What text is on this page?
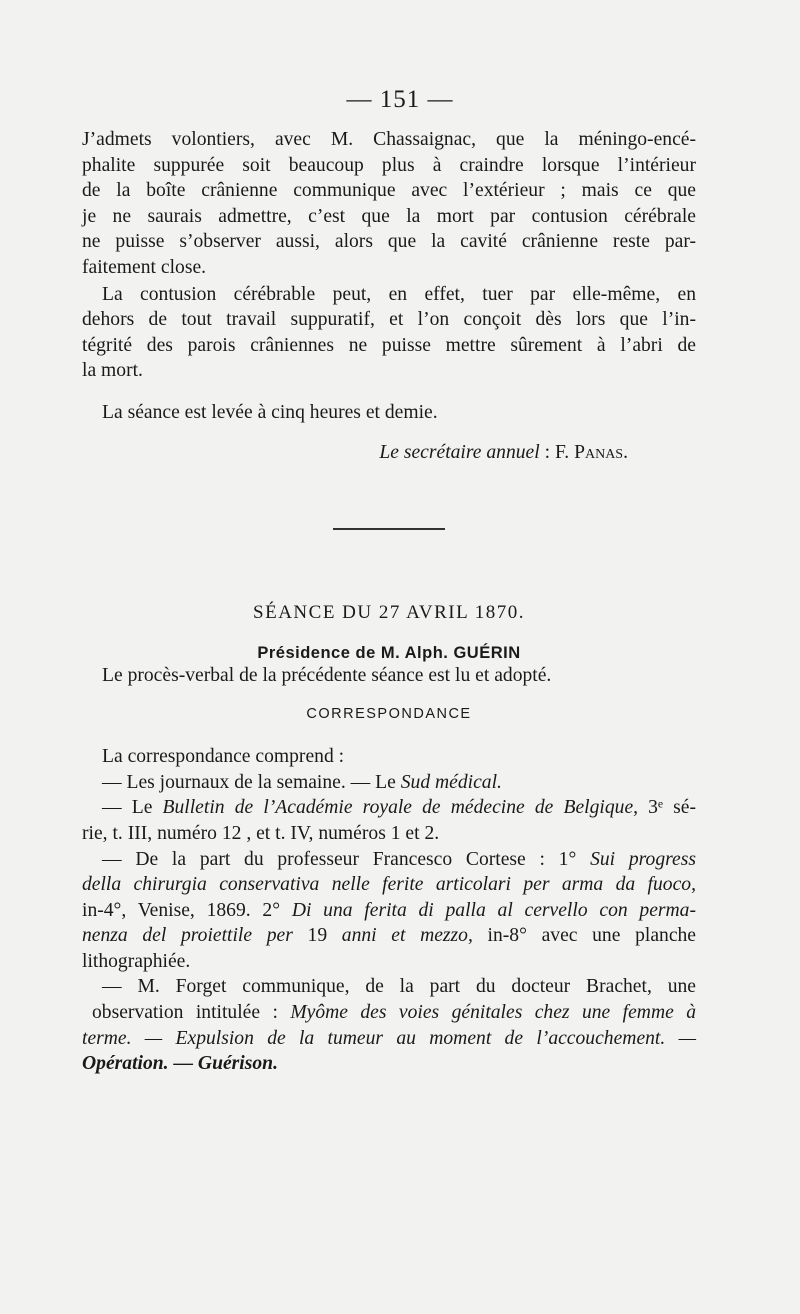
— 151 —

J’admets volontiers, avec M. Chassaignac, que la méningo-encé-
phalite suppurée soit beaucoup plus à craindre lorsque l’intérieur
de la boîte crânienne communique avec l’extérieur ; mais ce que
je ne saurais admettre, c’est que la mort par contusion cérébrale
ne puisse s’observer aussi, alors que la cavité crânienne reste par-
faitement close.

La contusion cérébrable peut, en effet, tuer par elle-même, en
dehors de tout travail suppuratif, et l’on conçoit dès lors que l’in-
tégrité des parois crâniennes ne puisse mettre sûrement à l’abri de
la mort.

La séance est levée à cinq heures et demie.

Le secrétaire annuel : F. Panas.
SÉANCE DU 27 AVRIL 1870.
Présidence de M. Alph. GUÉRIN

Le procès-verbal de la précédente séance est lu et adopté.

CORRESPONDANCE

La correspondance comprend :

— Les journaux de la semaine. — Le Sud médical.

— Le Bulletin de l’Académie royale de médecine de Belgique, 3ᵉ sé-
rie, t. III, numéro 12 , et t. IV, numéros 1 et 2.

— De la part du professeur Francesco Cortese : 1° Sui progress
della chirurgia conservativa nelle ferite articolari per arma da fuoco,
in-4°, Venise, 1869. 2° Di una ferita di palla al cervello con perma-
nenza del proiettile per 19 anni et mezzo, in-8° avec une planche
lithographiée.

— M. Forget communique, de la part du docteur Brachet, une
observation intitulée : Myôme des voies génitales chez une femme à
terme. — Expulsion de la tumeur au moment de l’accouchement. —
Opération. — Guérison.
